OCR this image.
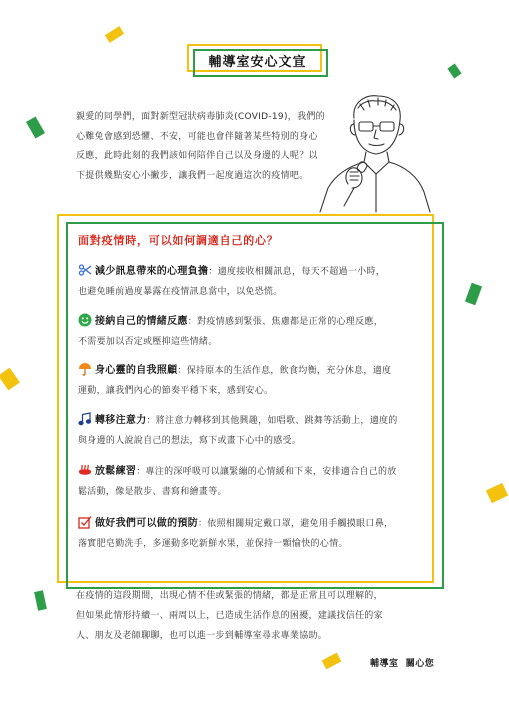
輔導室安心文宣
親愛的同學們，面對新型冠狀病毒肺炎(COVID-19)，我們的
心難免會感到恐懼、不安，可能也會伴隨著某些特別的身心
反應，此時此刻的我們該如何陪伴自己以及身邊的人呢？以
下提供幾點安心小撇步，讓我們一起度過這次的疫情吧。
面對疫情時，可以如何調適自己的心？
減少訊息帶來的心理負擔：適度接收相關訊息，每天不超過一小時，
也避免睡前過度暴露在疫情訊息當中，以免恐慌。
接納自己的情緒反應：對疫情感到緊張、焦慮都是正常的心理反應，
不需要加以否定或壓抑這些情緒。
身心靈的自我照顧：保持原本的生活作息，飲食均衡，充分休息，適度
運動，讓我們內心的節奏平穩下來，感到安心。
轉移注意力：將注意力轉移到其他興趣，如唱歌、跳舞等活動上，適度的
與身邊的人說說自己的想法，寫下或畫下心中的感受。
放鬆練習：專注的深呼吸可以讓緊繃的心情緩和下來，安排適合自己的放
鬆活動，像是散步、書寫和繪畫等。
做好我們可以做的預防：依照相關規定戴口罩，避免用手觸摸眼口鼻，
落實肥皂勤洗手，多運動多吃新鮮水果，並保持一顆愉快的心情。
在疫情的這段期間，出現心情不佳或緊張的情緒，都是正常且可以理解的，
但如果此情形持續一、兩周以上，已造成生活作息的困擾，建議找信任的家
人、朋友及老師聊聊，也可以進一步到輔導室尋求專業協助。
輔導室  關心您
